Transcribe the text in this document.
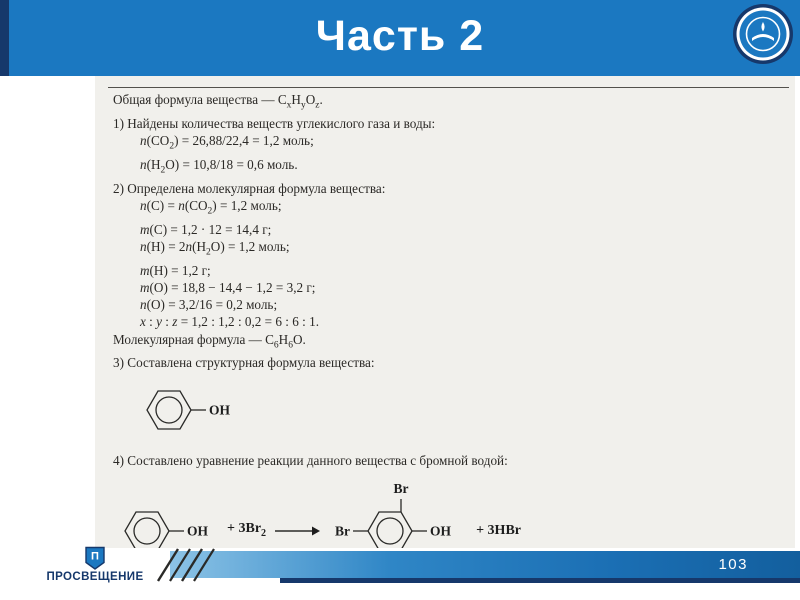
Часть 2
Общая формула вещества — $C_xH_yO_z$.
1) Найдены количества веществ углекислого газа и воды:
$n(CO_2) = 26,88/22,4 = 1,2$ моль;
$n(H_2O) = 10,8/18 = 0,6$ моль.
2) Определена молекулярная формула вещества:
$n(C) = n(CO_2) = 1,2$ моль;
m(C) = 1,2 · 12 = 14,4 г;
$n(H) = 2n(H_2O) = 1,2$ моль;
m(H) = 1,2 г;
m(O) = 18,8 − 14,4 − 1,2 = 3,2 г;
n(O) = 3,2/16 = 0,2 моль;
x : y : z = 1,2 : 1,2 : 0,2 = 6 : 6 : 1.
Молекулярная формула — $C_6H_6O$.
3) Составлена структурная формула вещества:
OH
4) Составлено уравнение реакции данного вещества с бромной водой:
OH + $3Br_2$ →
Br
Br	OH + 3HBr
П
ПРОСВЕЩЕНИЕ
103
